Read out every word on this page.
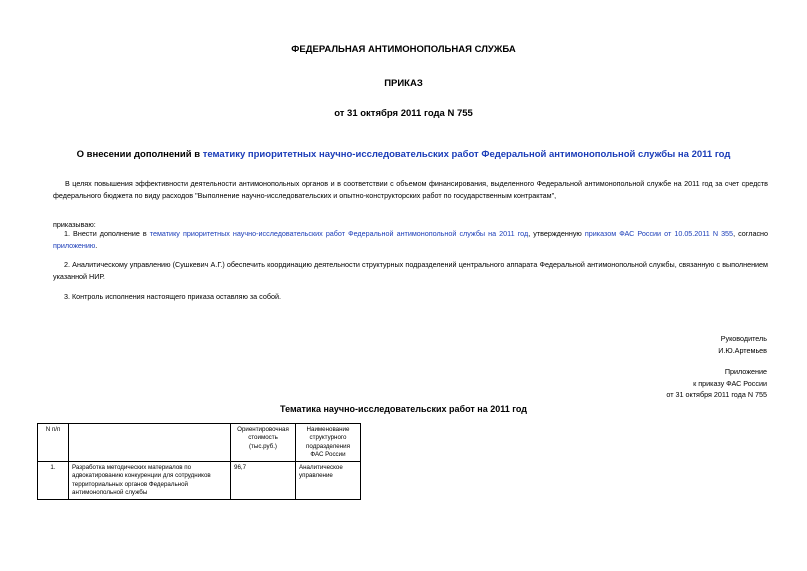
ФЕДЕРАЛЬНАЯ АНТИМОНОПОЛЬНАЯ СЛУЖБА
ПРИКАЗ
от 31 октября 2011 года N 755
О внесении дополнений в тематику приоритетных научно-исследовательских работ Федеральной антимонопольной службы на 2011 год
В целях повышения эффективности деятельности антимонопольных органов и в соответствии с объемом финансирования, выделенного Федеральной антимонопольной службе на 2011 год за счет средств федерального бюджета по виду расходов "Выполнение научно-исследовательских и опытно-конструкторских работ по государственным контрактам",
приказываю:
1. Внести дополнение в тематику приоритетных научно-исследовательских работ Федеральной антимонопольной службы на 2011 год, утвержденную приказом ФАС России от 10.05.2011 N 355, согласно приложению.
2. Аналитическому управлению (Сушкевич А.Г.) обеспечить координацию деятельности структурных подразделений центрального аппарата Федеральной антимонопольной службы, связанную с выполнением указанной НИР.
3. Контроль исполнения настоящего приказа оставляю за собой.
Руководитель
И.Ю.Артемьев
Приложение
к приказу ФАС России
от 31 октября 2011 года N 755
Тематика научно-исследовательских работ на 2011 год
N п/п		Ориентировочная стоимость (тыс.руб.)	Наименование структурного подразделения ФАС России
1.	Разработка методических материалов по адвокатированию конкуренции для сотрудников территориальных органов Федеральной антимонопольной службы	96,7	Аналитическое управление
